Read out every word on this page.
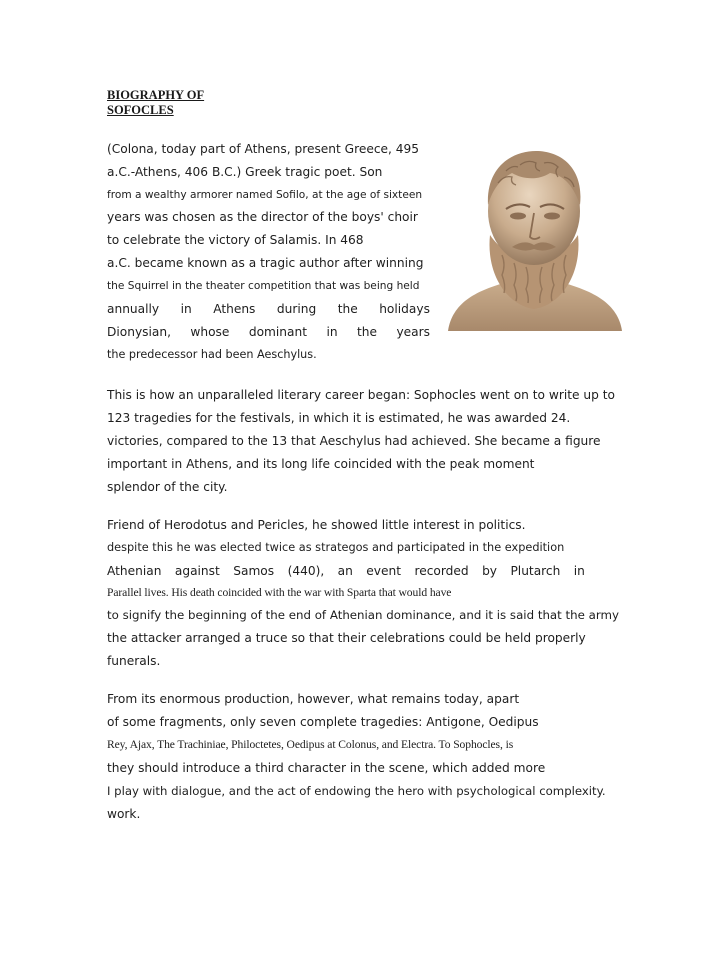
BIOGRAPHY OF
SOFOCLES
(Colona, today part of Athens, present Greece, 495
a.C.-Athens, 406 B.C.) Greek tragic poet. Son
from a wealthy armorer named Sofilo, at the age of sixteen
years was chosen as the director of the boys' choir
to celebrate the victory of Salamis. In 468
a.C. became known as a tragic author after winning
the Squirrel in the theater competition that was being held
annually in Athens during the holidays
Dionysian, whose dominant in the years
the predecessor had been Aeschylus.
This is how an unparalleled literary career began: Sophocles went on to write up to
123 tragedies for the festivals, in which it is estimated, he was awarded 24.
victories, compared to the 13 that Aeschylus had achieved. She became a figure
important in Athens, and its long life coincided with the peak moment
splendor of the city.
Friend of Herodotus and Pericles, he showed little interest in politics.
despite this he was elected twice as strategos and participated in the expedition
Athenian against Samos (440), an event recorded by Plutarch in
Parallel lives. His death coincided with the war with Sparta that would have
to signify the beginning of the end of Athenian dominance, and it is said that the army
the attacker arranged a truce so that their celebrations could be held properly
funerals.
From its enormous production, however, what remains today, apart
of some fragments, only seven complete tragedies: Antigone, Oedipus
Rey, Ajax, The Trachiniae, Philoctetes, Oedipus at Colonus, and Electra. To Sophocles, is
they should introduce a third character in the scene, which added more
I play with dialogue, and the act of endowing the hero with psychological complexity.
work.
